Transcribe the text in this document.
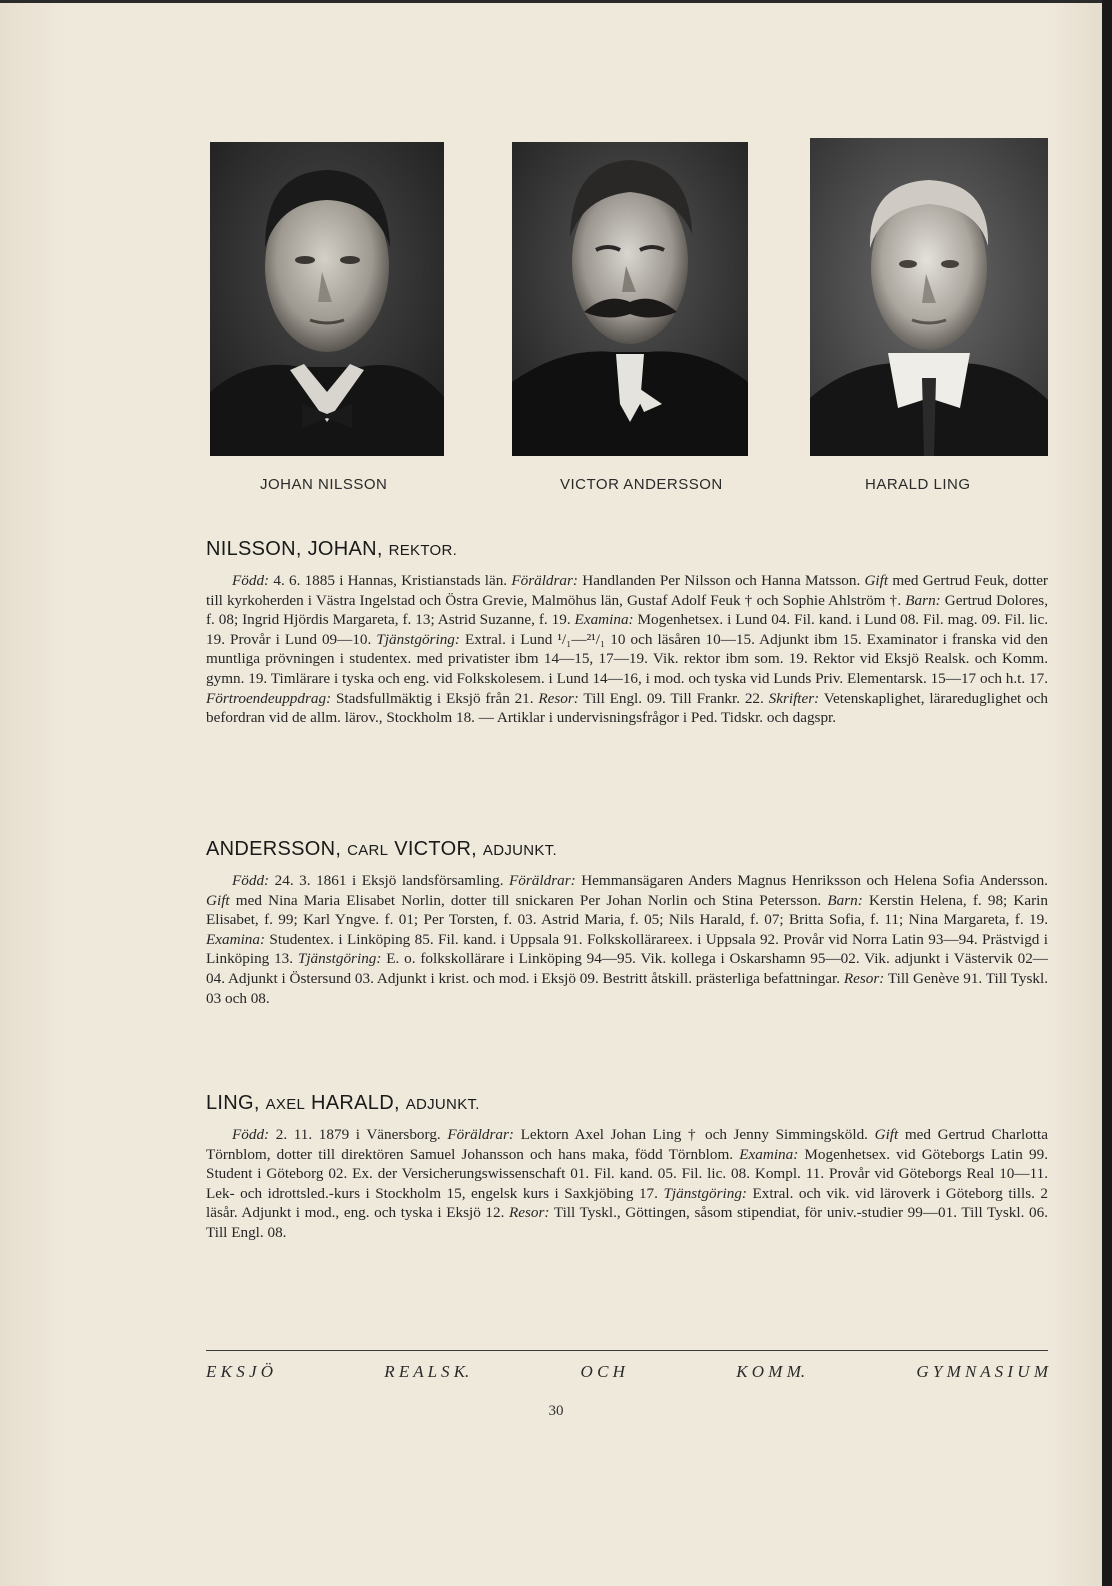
JOHAN NILSSON	VICTOR ANDERSSON	HARALD LING
NILSSON, JOHAN, REKTOR.

Född: 4. 6. 1885 i Hannas, Kristianstads län. Föräldrar: Handlanden Per Nilsson och Hanna Matsson. Gift med Gertrud Feuk, dotter till kyrkoherden i Västra Ingelstad och Östra Grevie, Malmöhus län, Gustaf Adolf Feuk † och Sophie Ahlström †. Barn: Gertrud Dolores, f. 08; Ingrid Hjördis Margareta, f. 13; Astrid Suzanne, f. 19. Examina: Mogenhetsex. i Lund 04. Fil. kand. i Lund 08. Fil. mag. 09. Fil. lic. 19. Provår i Lund 09—10. Tjänstgöring: Extral. i Lund ¹/₁—²¹/₁ 10 och läsåren 10—15. Adjunkt ibm 15. Examinator i franska vid den muntliga prövningen i studentex. med privatister ibm 14—15, 17—19. Vik. rektor ibm som. 19. Rektor vid Eksjö Realsk. och Komm. gymn. 19. Timlärare i tyska och eng. vid Folkskolesem. i Lund 14—16, i mod. och tyska vid Lunds Priv. Elementarsk. 15—17 och h.t. 17. Förtroendeuppdrag: Stadsfullmäktig i Eksjö från 21. Resor: Till Engl. 09. Till Frankr. 22. Skrifter: Vetenskaplighet, lärareduglighet och befordran vid de allm. lärov., Stockholm 18. — Artiklar i undervisningsfrågor i Ped. Tidskr. och dagspr.

ANDERSSON, CARL VICTOR, ADJUNKT.

Född: 24. 3. 1861 i Eksjö landsförsamling. Föräldrar: Hemmansägaren Anders Magnus Henriksson och Helena Sofia Andersson. Gift med Nina Maria Elisabet Norlin, dotter till snickaren Per Johan Norlin och Stina Petersson. Barn: Kerstin Helena, f. 98; Karin Elisabet, f. 99; Karl Yngve. f. 01; Per Torsten, f. 03. Astrid Maria, f. 05; Nils Harald, f. 07; Britta Sofia, f. 11; Nina Margareta, f. 19. Examina: Studentex. i Linköping 85. Fil. kand. i Uppsala 91. Folkskollärareex. i Uppsala 92. Provår vid Norra Latin 93—94. Prästvigd i Linköping 13. Tjänstgöring: E. o. folkskollärare i Linköping 94—95. Vik. kollega i Oskarshamn 95—02. Vik. adjunkt i Västervik 02—04. Adjunkt i Östersund 03. Adjunkt i krist. och mod. i Eksjö 09. Bestritt åtskill. prästerliga befattningar. Resor: Till Genève 91. Till Tyskl. 03 och 08.

LING, AXEL HARALD, ADJUNKT.

Född: 2. 11. 1879 i Vänersborg. Föräldrar: Lektorn Axel Johan Ling † och Jenny Simmingsköld. Gift med Gertrud Charlotta Törnblom, dotter till direktören Samuel Johansson och hans maka, född Törnblom. Examina: Mogenhetsex. vid Göteborgs Latin 99. Student i Göteborg 02. Ex. der Versicherungswissenschaft 01. Fil. kand. 05. Fil. lic. 08. Kompl. 11. Provår vid Göteborgs Real 10—11. Lek- och idrottsled.-kurs i Stockholm 15, engelsk kurs i Saxkjöbing 17. Tjänstgöring: Extral. och vik. vid läroverk i Göteborg tills. 2 läsår. Adjunkt i mod., eng. och tyska i Eksjö 12. Resor: Till Tyskl., Göttingen, såsom stipendiat, för univ.-studier 99—01. Till Tyskl. 06. Till Engl. 08.

E K S J Ö	R E A L S K.	O C H	K O M M.	G Y M N A S I U M
30
